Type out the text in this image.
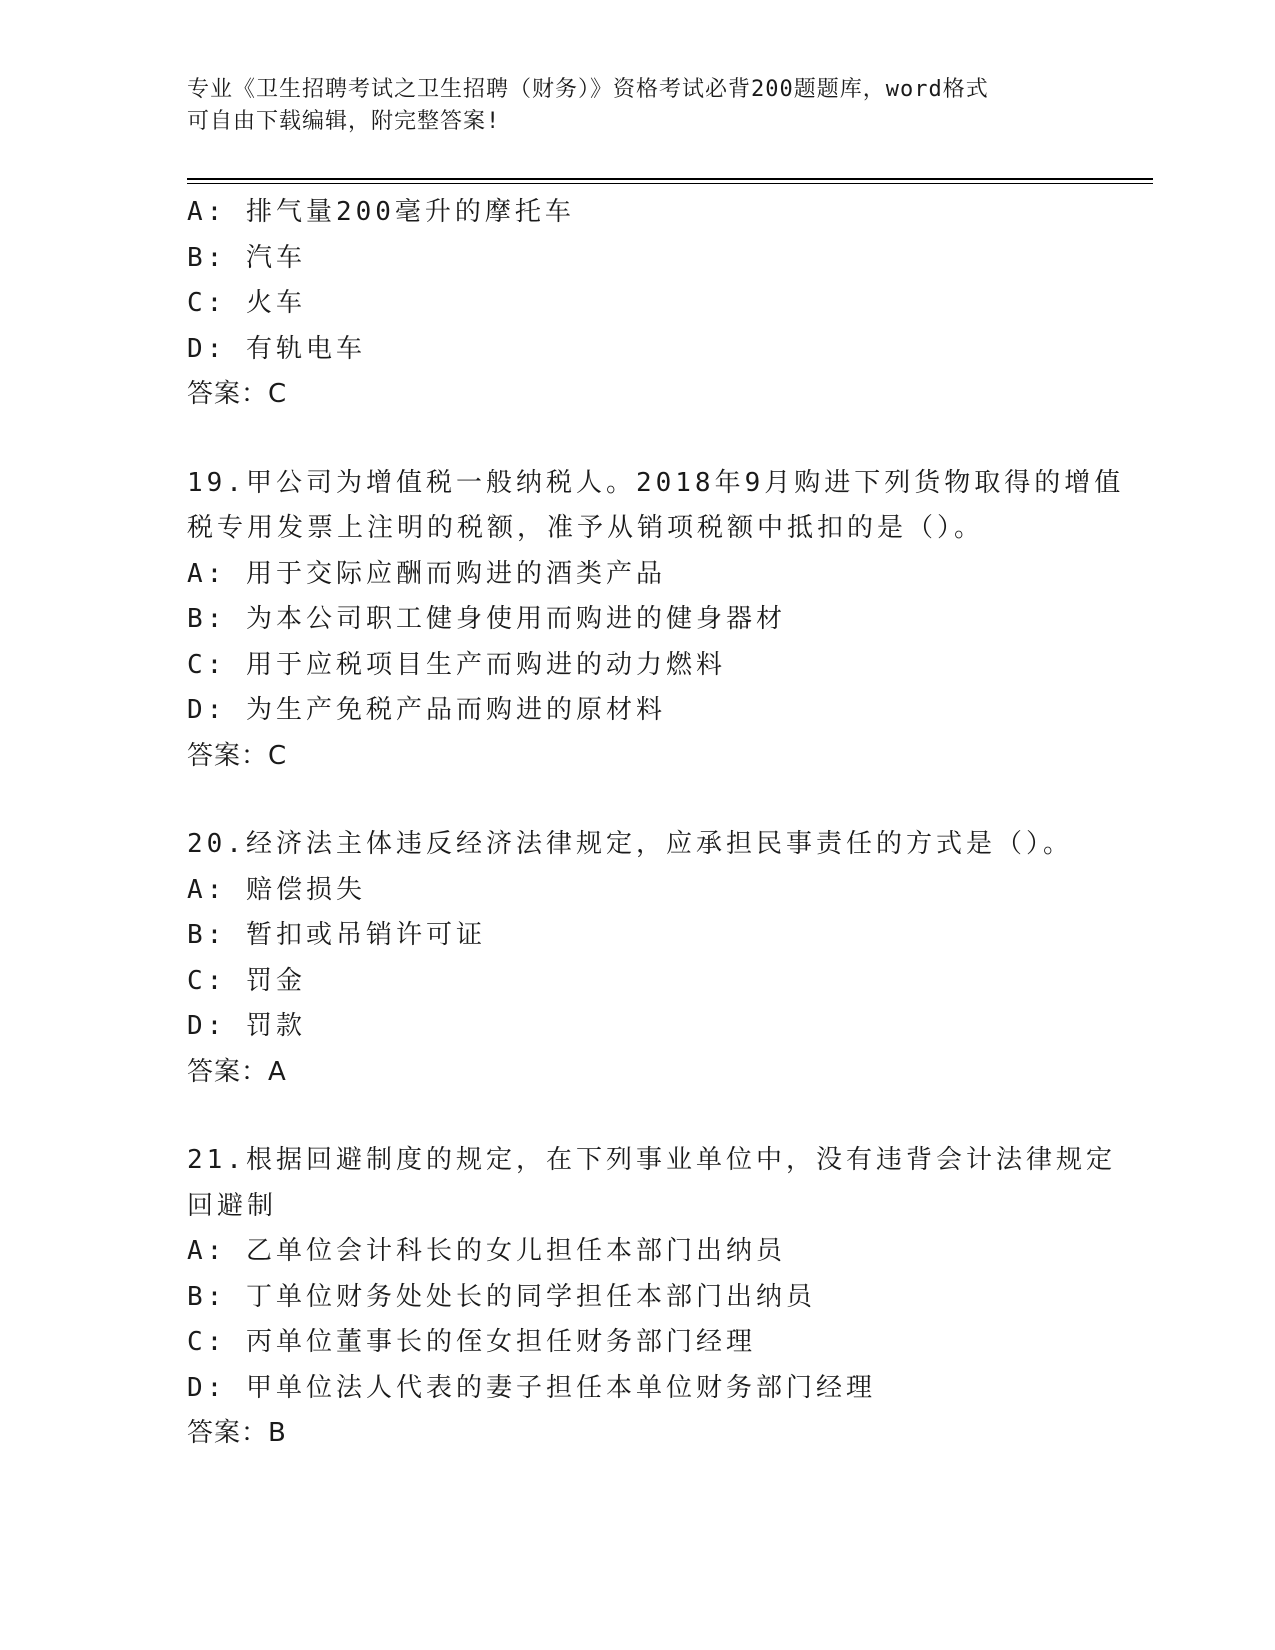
专业《卫生招聘考试之卫生招聘（财务）》资格考试必背200题题库，word格式
可自由下载编辑，附完整答案!
A: 排气量200毫升的摩托车
B: 汽车
C: 火车
D: 有轨电车
答案：C
19.甲公司为增值税一般纳税人。2018年9月购进下列货物取得的增值
税专用发票上注明的税额，准予从销项税额中抵扣的是（）。
A: 用于交际应酬而购进的酒类产品
B: 为本公司职工健身使用而购进的健身器材
C: 用于应税项目生产而购进的动力燃料
D: 为生产免税产品而购进的原材料
答案：C
20.经济法主体违反经济法律规定，应承担民事责任的方式是（）。
A: 赔偿损失
B: 暂扣或吊销许可证
C: 罚金
D: 罚款
答案：A
21.根据回避制度的规定，在下列事业单位中，没有违背会计法律规定
回避制
A: 乙单位会计科长的女儿担任本部门出纳员
B: 丁单位财务处处长的同学担任本部门出纳员
C: 丙单位董事长的侄女担任财务部门经理
D: 甲单位法人代表的妻子担任本单位财务部门经理
答案：B
